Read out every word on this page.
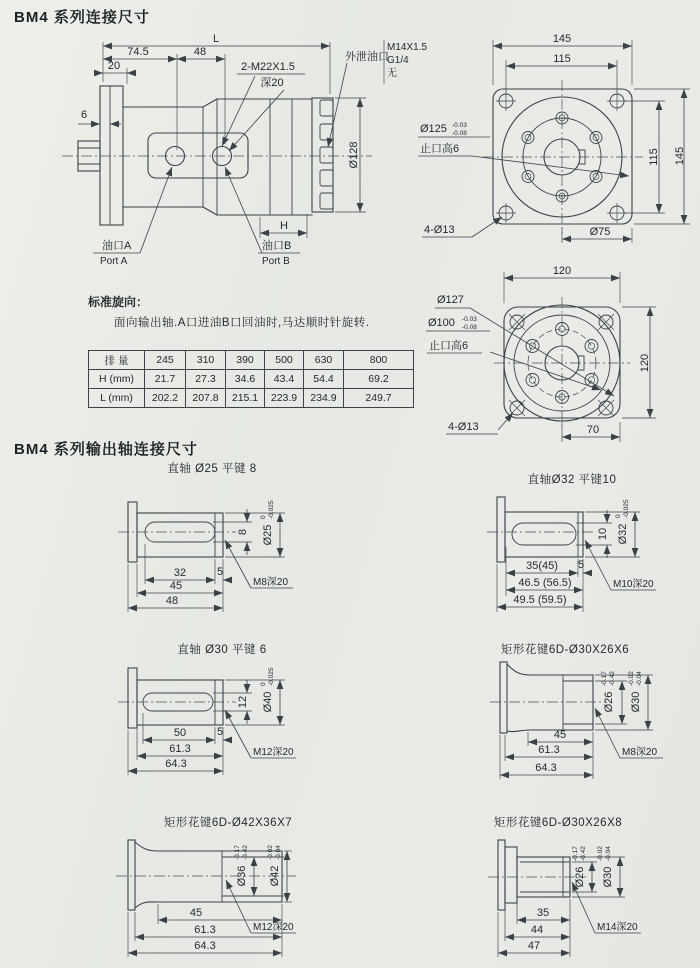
BM4 系列连接尺寸
BM4 系列输出轴连接尺寸
标准旋向：
面向输出轴.A口进油B口回油时,马达顺时针旋转.
排 量	245	310	390	500	630	800
H (mm)	21.7	27.3	34.6	43.4	54.4	69.2
L (mm)	202.2	207.8	215.1	223.9	234.9	249.7
直轴 Ø25 平键 8
直轴Ø32 平键10
直轴 Ø30 平键 6	矩形花键6D-Ø30X26X6
矩形花键6D-Ø42X36X7	矩形花键6D-Ø30X26X8
L
74.5	48
20
6
2-M22X1.5
深20
外泄油口
M14X1.5
G1/4
无
Ø128
H
油口A
Port A
油口B
Port B
145
115
115 145
Ø75
Ø125 -0.03
-0.08
止口高6
4-Ø13
120
120
70
Ø127
Ø100 -0.03
-0.08
止口高6
4-Ø13
8 Ø25
0 -0.025
32	5
45
48
M8深20
10 Ø32
0 -0.025
35(45) 5
46.5 (56.5)
49.5 (59.5)
M10深20
12 Ø40
0 -0.025
50	5
61.3
64.3
M12深20
Ø26
-0.17 -0.42
Ø30
-0.02 -0.04
45
61.3
64.3
M8深20
Ø36
-0.17 -0.42
Ø42
-0.02 -0.04
45
61.3
64.3
M12深20
Ø26
-0.17 -0.42
Ø30
-0.02 -0.04
35
44
47
M14深20
